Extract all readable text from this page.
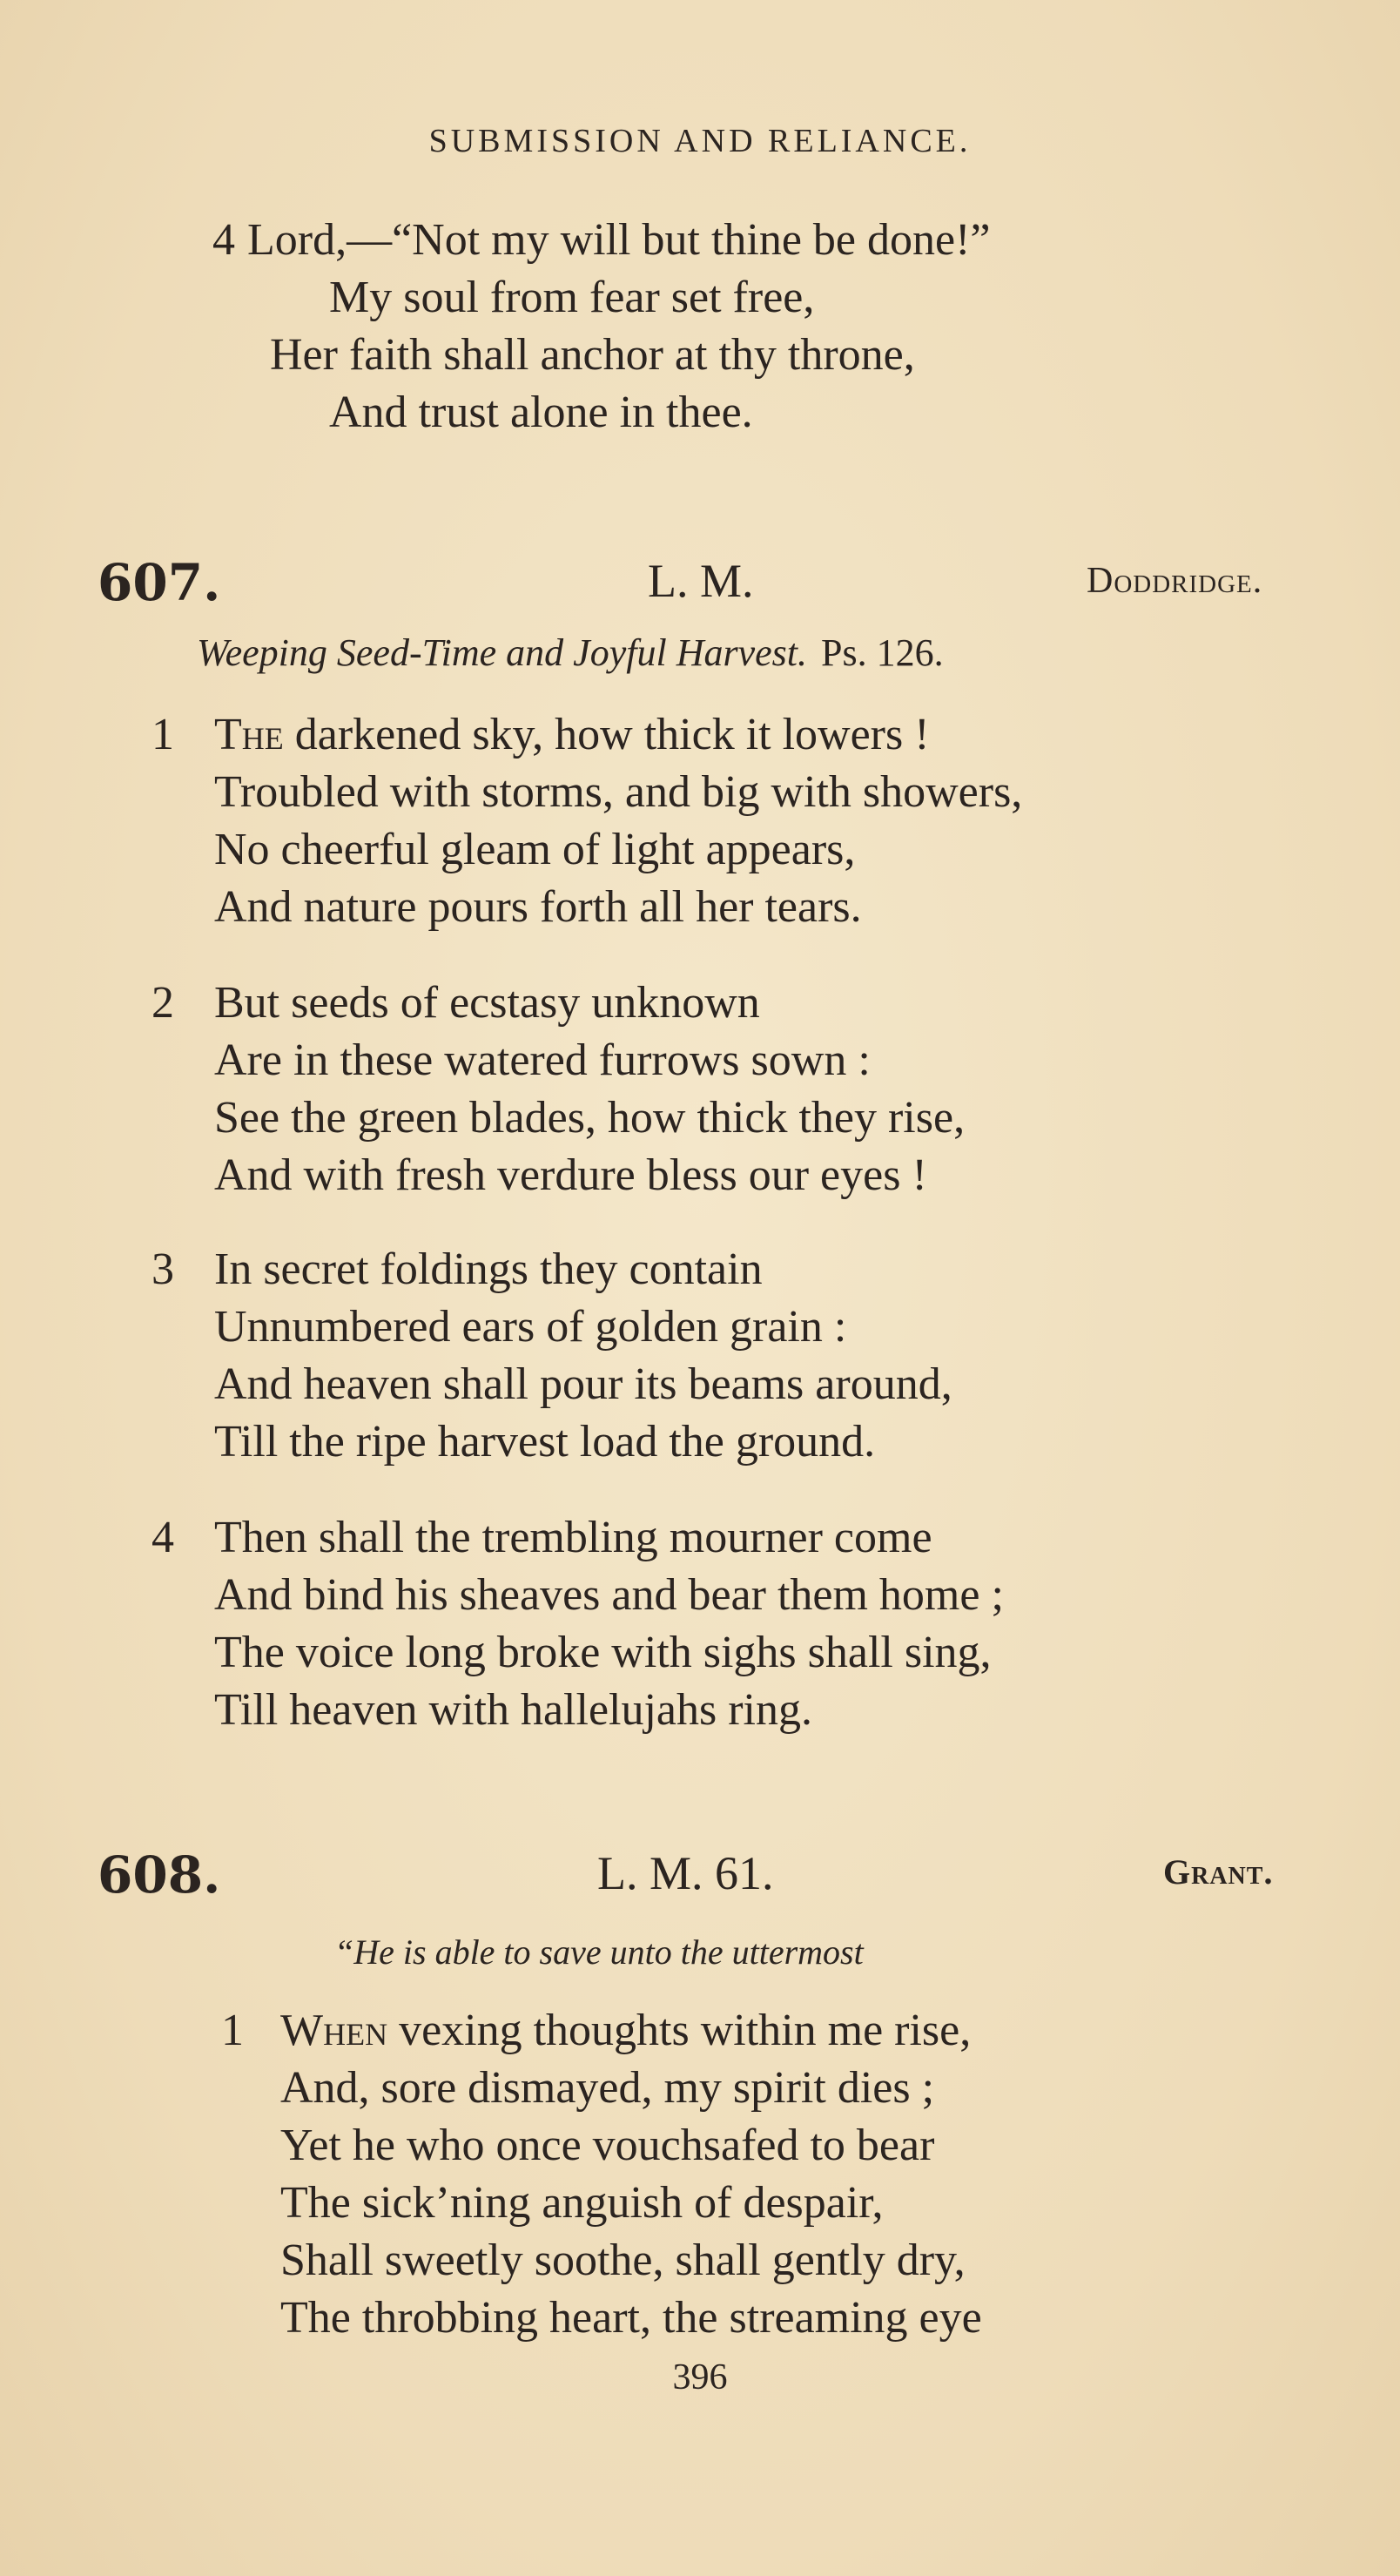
SUBMISSION AND RELIANCE.
4 Lord,—“Not my will but thine be done!”
My soul from fear set free,
Her faith shall anchor at thy throne,
And trust alone in thee.
607.	L. M.	Doddridge.
Weeping Seed-Time and Joyful Harvest. Ps. 126.
1 The darkened sky, how thick it lowers !
Troubled with storms, and big with showers,
No cheerful gleam of light appears,
And nature pours forth all her tears.
2 But seeds of ecstasy unknown
Are in these watered furrows sown :
See the green blades, how thick they rise,
And with fresh verdure bless our eyes !
3 In secret foldings they contain
Unnumbered ears of golden grain :
And heaven shall pour its beams around,
Till the ripe harvest load the ground.
4 Then shall the trembling mourner come
And bind his sheaves and bear them home ;
The voice long broke with sighs shall sing,
Till heaven with hallelujahs ring.
608.	L. M. 61.	Grant.
“He is able to save unto the uttermost
1 When vexing thoughts within me rise,
And, sore dismayed, my spirit dies ;
Yet he who once vouchsafed to bear
The sick’ning anguish of despair,
Shall sweetly soothe, shall gently dry,
The throbbing heart, the streaming eye
396
